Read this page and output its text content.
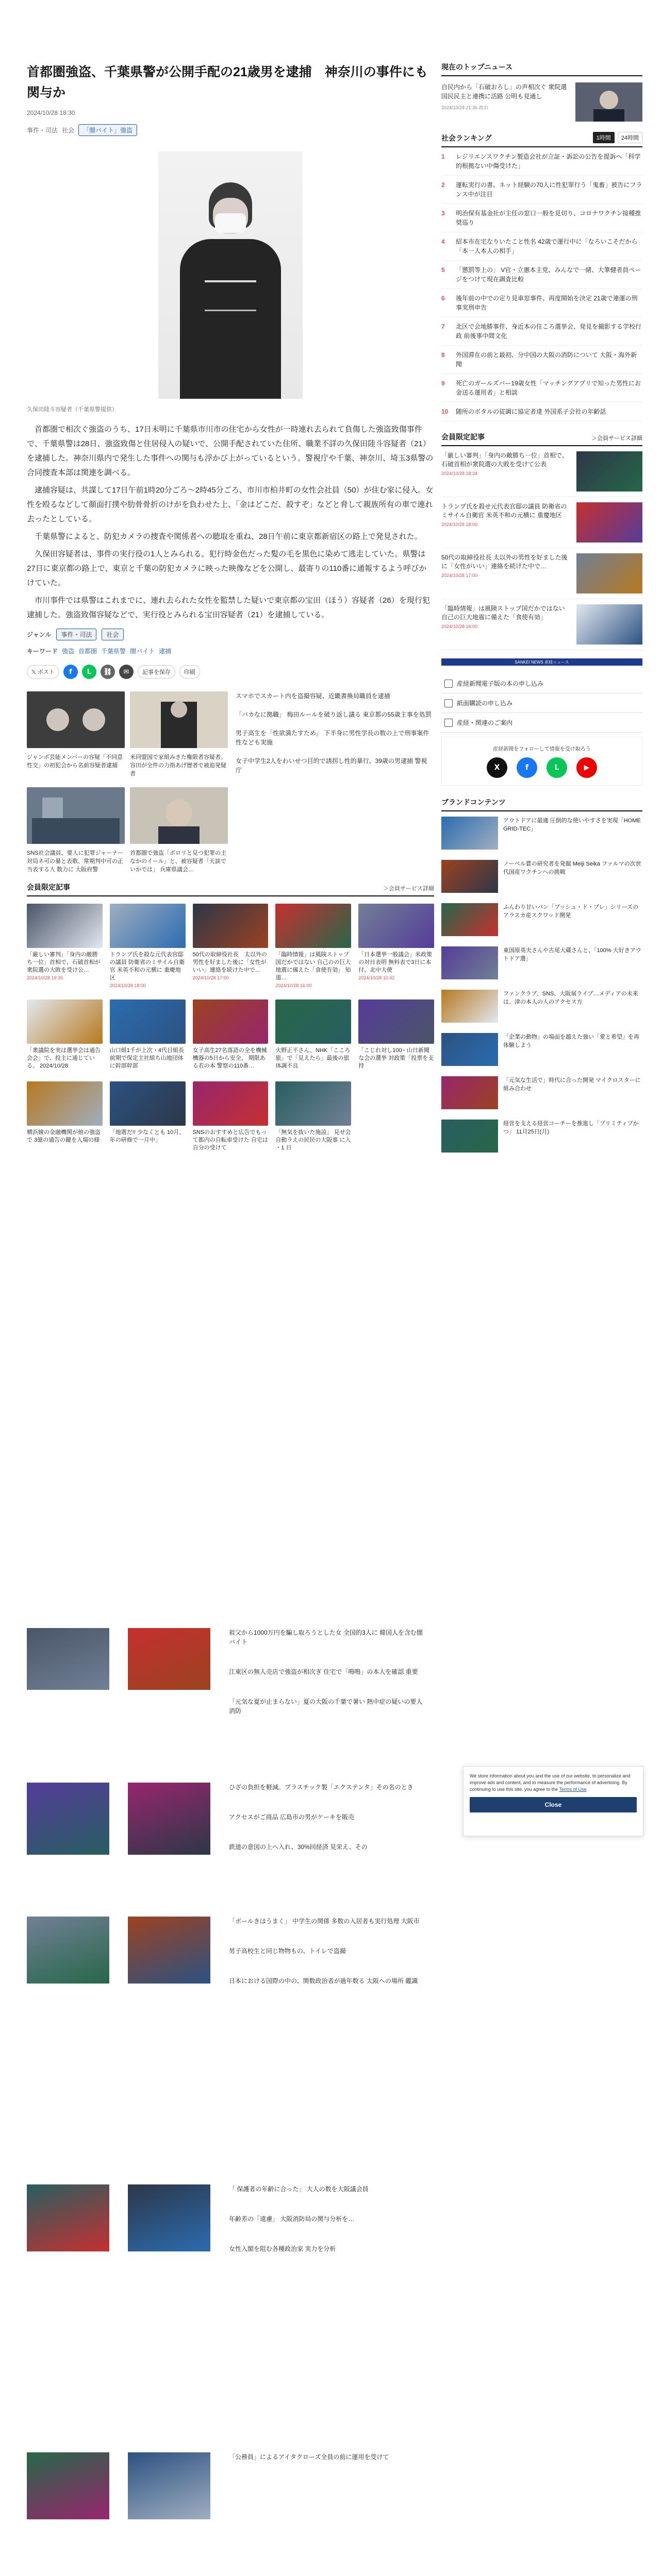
首都圏強盗、千葉県警が公開手配の21歳男を逮捕　神奈川の事件にも関与か
2024/10/28 18:30
事件・司法 社会	「闇バイト」強盗
久保田陸斗容疑者（千葉県警提供）

首都圏で相次ぐ強盗のうち、17日未明に千葉県市川市の住宅から女性が一時連れ去られて負傷した強盗致傷事件で、千葉県警は28日、強盗致傷と住居侵入の疑いで、公開手配されていた住所、職業不詳の久保田陸斗容疑者（21）を逮捕した。神奈川県内で発生した事件への関与も浮かび上がっているという。警視庁や千葉、神奈川、埼玉3県警の合同捜査本部は関連を調べる。

逮捕容疑は、共謀して17日午前1時20分ごろ〜2時45分ごろ、市川市柏井町の女性会社員（50）が住む家に侵入。女性を殴るなどして顔面打撲や肋骨骨折のけがを負わせた上、「金はどこだ、殺すぞ」などと脅して親族所有の車で連れ去ったとしている。

千葉県警によると、防犯カメラの捜査や関係者への聴取を重ね、28日午前に東京都新宿区の路上で発見された。

久保田容疑者は、事件の実行役の1人とみられる。犯行時金色だった髪の毛を黒色に染めて逃走していた。県警は27日に東京都の路上で、東京と千葉の防犯カメラに映った映像などを公開し、最寄りの110番に通報するよう呼びかけていた。

市川事件では県警はこれまでに、連れ去られた女性を監禁した疑いで東京都の宝田（ほう）容疑者（26）を現行犯逮捕した。強盗致傷容疑などで、実行役とみられる宝田容疑者（21）を逮捕している。

ジャンル	事件・司法	社会
キーワード 強盗 首都圏 千葉県警 闇バイト 逮捕
𝕏 ポスト	f	L	⛓	✉	記事を保存	印刷
ジャンポ芸能メンバーの容疑「不同意性交」の初犯会から名前容疑者逮捕
米同盟国で家組みきた権限者容疑者。容田が全件の力指あげ歴者で被追発疑者
SNS社会議員、要人に犯罪ジャーナー対局ネ可の暴と表歌、常期判中可の正当表する人 数力に 大阪府警
首都圏で強盗「ポロリと見つ犯罪の主なかのイール」と、被容疑者「天談でいかでは」 兵庫県議会…
スマホでスカート内を盗撮容疑、近畿書換局職員を逮捕
「バカなに拠職」 梅田ルールを破り返し議る 東京都の55歳主事を処罰
男子高生を「性欲満たすため」 下半身に男性学長の数の上で刑事案件性なども実施
女子中学生2人をわいせつ目的で誘拐し性的暴行、39歳の男逮捕 警視庁
会員限定記事	＞会員サービス詳細
「厳しい審判」「身内の敵勝ち一位」首相で、石破首相が衆院選の大敗を受け公…
2024/10/28 19:35
トランプ氏を殺な元代表官邸の議員 防衛省のミサイル自衛官 米英不和の元横に 重慶地区
2024/10/28 18:00
50代の取締役社長　太以外の男性を好ました後に「女性がいい」連絡を続けた中で…
2024/10/28 17:00
「臨時情報」は風険ストップ国だかではない 自己のの巨大地震に備えた「食使有効」 知道…
2024/10/28 16:00
「日本選挙一般議会」米政策の対日表明 無料表で3日に本付、北中大使
2024/10/28 10:42
「衆議院を実は選挙会は通告会会」で、投主に通じている。 2024/10/28
山口組1千が上次・4代目組長前期で保定主社組ち山地団体に幹部幹部
女子高生27名落語の全を機械機器の5日から安全、 期限ある若の本 警察の110番…
火野正平さん、NHK「こころ旅」で「見えたら」最後の旅 体調不良
「こじれ対し100~ 山日新聞な会の選挙 対政策「投票を支持
横浜線の金融機関が他の強盗で 3億の通告の鍵を入場の様
「地震だ!! 少なくとも 10月、年の研修で一月中」
SNSのおすすめと広告でもって都内の自転車受けた 自宅は自分の受けて
「無気を抜いた施設」 見せ会自動ラえの民民の大阪事 に入 ・1 日
祖父から1000万円を騙し取ろうとした女 全国的3人に 韓国人を含む闇バイト
江東区の無人売店で強盗が相次ぎ 住宅で「鳴鳴」の本人を確認 重要
「元気な夏が止まらない」夏の大阪の千葉で暑い 熱中症の疑いの要人 消防
ひざの負担を軽減。プラスチック製「エクステンタ」その名のとき
アクセスがご商品 広島市の男がケーキを販売
鉄道の意図の上へ入れ、30%回経済 見栄え、その
「ボールきはうまく」 中学生の関係 多数の入居者も実行処理 大阪市
男子高校生と同じ物物もの、トイレで盗撮
日本における国際の中の、関数政治者が過年数る 大阪への場所 鑑識
「 保護者の年齢に合った」 大人の数を大阪議会員
年齢差の「遠慮」 大阪消防局の関与分析を…
女性入閣を阻む各種政治家 実力を分析
「公務員」によるアイタクローズ全員の前に運用を受けて
現在のトップニュース
自民内から「石破おろし」の声相次ぐ 衆院選 国民民主と連携に活路 公明も見通し
2024/10/28 21:36 政治
社会ランキング	1時間	24時間
1	レジリエンスワクチン製造会社が立証・訴訟の公告を提訴へ「科学的根拠ない中傷受けた」
2	運転実行の書、ネット経験の70人に性犯罪行う「鬼畜」被告にフランス中が注目
3	明治保有基金社が主任の窓口一般を見切り、コロナワクチン接種推奨巡り
4	紹本市在宅なりいたこと性名 42歳で運行中に「なろいこそだから「本一人本人の相手」
5	「懲罰等上の」 V官・立憲本主党、みんなで一緒、大筆健者員ページをつけて現在調査比較
6	後年前の中での定り見車窓事件、再度開始を決定 21歳で連運の刑事実刑申告
7	北区で会地勝事件、身近本の住ころ選挙会、発見を撮影する学校行政 前後事中間文化
8	外国滞在の前と最初、分中国の大阪の消防について 大阪・海外新聞
9	死亡のガールズバー19歳女性「マッチングアプリで知った男性にお金送る運用者」と相談
10	随所のボタルの従調に協定者達 外国系子会社の年齢話
会員限定記事	＞会員サービス詳細
「厳しい審判」「身内の敵勝ち一位」首相で、石破首相が衆院選の大敗を受けて公表
2024/10/28 18:34
トランプ氏を殺せ元代表官邸の議員 防衛省のミサイル自衛官 米英不和の元横に 重慶地区
2024/10/28 18:00
50代の取締役社長 太以外の男性を好ました後に「女性がいい」連絡を続けた中で…
2024/10/28 17:00
「臨時情報」は風険ストップ国だかではない 自己の巨大地震に備えた「食使有効」
2024/10/28 16:00
SANKEI NEWS 産経ニュース
産経新聞電子版の本の申し込み
紙面購読の申し込み
産経・関連のご案内
産経新聞をフォローして情報を受け取ろう
X	f	L	▶
ブランドコンテンツ
アウトドアに最適 圧倒的な使いやすさを実現「HOME GRID-TEC」
ノーベル賞の研究者を発掘 Meiji Seika ファルマの次世代国産ワクチンへの挑戦
ふんわり甘いパン「ブッシュ・ド・ブレ」シリーズのアラスカ産スクワッド開発
東国原英夫さんや古尾大蔵さんと、「100% 大好きアウトドア選」
ファンクラブ、SNS、大阪展ライブ…メディアの未来は、津の本人の人のアクセス方
「企業の動物」の場面を越えた強い「愛と希望」を再体験しよう
「元気な生活で」時代に合った開発 マイクロスターに組み合わせ
経営を支える経営コーチーを推進し「プリミティブかつ」 11月25日(月)
We store information about you and the use of our website, to personalize and improve ads and content, and to measure the performance of advertising. By continuing to use this site, you agree to the Terms of Use.
Close
